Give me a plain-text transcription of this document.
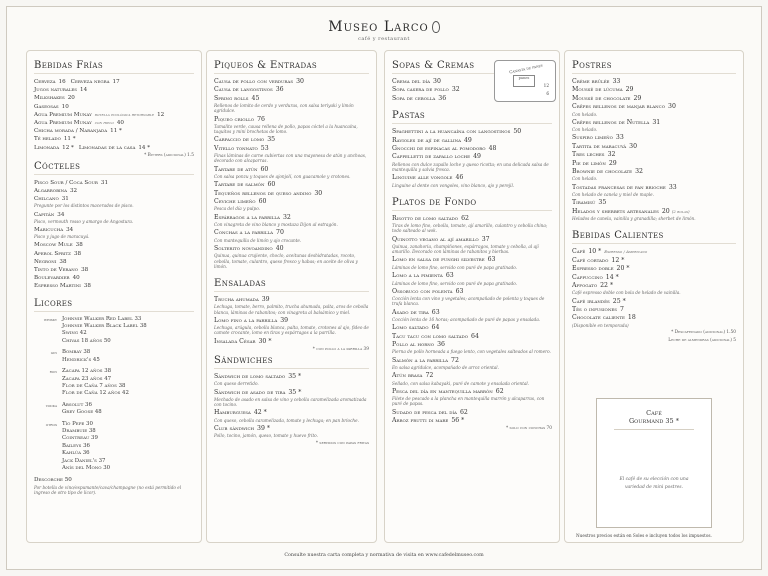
Museo Larco
café y restaurant
Bebidas Frías
Cerveza 16 Cerveza negra 17
Jugos naturales 14
Milkshakes 20
Gaseosas 10
Agua Premium Munay botella ecológica retornable 12
Agua Premium Munay con hielo 40
Chicha morada / Naranjada 11 *
Té helado 11 *
Limonada 12 * Limonadas de la casa 14 *
* Bitters (adicional) 1.5
Cócteles
Pisco Sour / Coca Sour 31
Algarrobina 32
Chilcano 31
Pregunte por los distintos macerados de pisco.
Capitán 34
Pisco, vermouth rosso y amargo de Angostura.
Maricucha 34
Pisco y jugo de maracuyá.
Moscow Mule 38
Aperol Spritz 38
Negroni 38
Tinto de Verano 38
Boulevardier 40
Espresso Martini 38
Licores
whisky Johnnie Walker Red Label 33
Johnnie Walker Black Label 38
Swing 42
Chivas 18 años 50
gin Bombay 38
Hendrick's 45
ron Zacapa 12 años 38
Zacapa 23 años 47
Flor de Caña 7 años 38
Flor de Caña 12 años 42
vodka Absolut 36
Grey Goose 48
otros Tío Pepe 30
Drambuie 38
Cointreau 39
Baileys 36
Kahlúa 36
Jack Daniel's 37
Anís del Mono 30
Descorche 50
Por botella de vino/espumante/cava/champagne (no está permitido el ingreso de otro tipo de licor).
Piqueos & Entradas
Causa de pollo con verduras 30
Causa de langostinos 36
Spring rolls 45
Rellenos de lomito de cerdo y verduras, con salsa teriyaki y limón agridulce.
Piqueo criollo 76
Tamalito verde, causa rellena de pollo, papas cóctel a la huancaína, taquitos y mini brochetas de lomo.
Carpaccio de lomo 35
Vitello tonnato 53
Finas láminas de carne cubiertas con una mayonesa de atún y anchoas, decorado con alcaparras.
Tartare de atún 60
Con salsa ponzu y toques de ajonjolí, con guacamole y crotones.
Tartare de salmón 60
Tequeños rellenos de queso andino 30
Ceviche limeño 60
Pesca del día y pulpo.
Espárragos a la parrilla 32
Con vinagreta de vino blanco y mostaza Dijon al estragón.
Conchas a la parrilla 70
Con mantequilla de limón y ajo crocante.
Solterito novoandino 40
Quinua, quinua crujiente, choclo, aceitunas deshidratadas, rocoto, cebolla, tomate, culantro, queso fresco y habas; en aceite de oliva y limón.
Ensaladas
Trucha ahumada 39
Lechuga, tomate, berro, palmito, trucha ahumada, palta, aros de cebolla blanca, láminas de rabanitos; con vinagreta al balsámico y miel.
Lomo fino a la parrilla 39
Lechuga, arúgula, cebolla blanca, palta, tomate, crotones al ajo, fideo de camote crocante, lomo en tiras y espárragos a la parrilla.
Insalada César 30 *
* con pollo a la parrilla 39
Sándwiches
Sándwich de lomo saltado 35 *
Con queso derretido.
Sándwich de asado de tira 35 *
Mechado de asado en salsa de vino y cebolla caramelizada aromatizada con tocino.
Hamburguesa 42 *
Con queso, cebolla caramelizada, tomate y lechuga; en pan brioche.
Club sándwich 39 *
Pollo, tocino, jamón, queso, tomate y huevo frito.
* servidos con papas fritas
Sopas & Cremas
Crema del día 30
Sopa casera de pollo 32
Sopa de cebolla 36
Pastas
Spaghettini a la huancaína con langostinos 50
Ravioles de ají de gallina 49
Gnocchi de espinacas al pomodoro 48
Cappelletti de zapallo loche 49
Rellenos con dulce zapallo loche y queso ricotta; en una delicada salsa de mantequilla y salvia fresca.
Linguine alle vongole 46
Linguine al dente con vongoles, vino blanco, ajo y perejil.
Platos de Fondo
Risotto de lomo saltado 62
Tiras de lomo fino, cebolla, tomate, ají amarillo, culantro y cebolla china; todo salteado al wok.
Quinotto vegano al ají amarillo 37
Quinua, zanahoria, champiñones, espárragos, tomate y cebolla, al ají amarillo. Decorado con láminas de rabanitos y hierbas.
Lomo en salsa de funghi silvestre 63
Láminas de lomo fino, servido con puré de papa gratinado.
Lomo a la pimienta 63
Láminas de lomo fino, servido con puré de papa gratinado.
Ossobuco con polenta 63
Cocción lenta con vino y vegetales; acompañado de polenta y toques de trufa blanca.
Asado de tira 63
Cocción lenta de 16 horas; acompañado de puré de papas y ensalada.
Lomo saltado 64
Tacu tacu con lomo saltado 64
Pollo al horno 36
Pierna de pollo horneada a fuego lento, con vegetales salteados al romero.
Salmón a la parrilla 72
En salsa agridulce, acompañado de arroz oriental.
Atún brasa 72
Sellado, con salsa kabayaki, puré de camote y ensalada oriental.
Pesca del día en mantequilla marrón 62
Filete de pescado a la plancha en mantequilla marrón y alcaparras, con puré de papas.
Sudado de pesca del día 62
Arroz frutti di mare 56 *
* solo con conchas 70
Postres
Crème brûlée 33
Moussé de lúcuma 29
Moussé de chocolate 29
Crêpes rellenos de manjar blanco 30
Con helado.
Crêpes rellenos de Nutella 31
Con helado.
Suspiro limeño 33
Tartita de maracuyá 30
Tres leches 32
Pie de limón 29
Brownie de chocolate 32
Con helado.
Tostadas francesas de pan brioche 33
Con helado de canela y miel de maple.
Tiramisú 35
Helados y sherbets artesanales 20 (2 bolas)
Helados de canela, vainilla y granadilla; sherbet de limón.
Bebidas Calientes
Café 10 * Espresso / Americano
Café cortado 12 *
Espresso doble 20 *
Cappuccino 14 *
Affogato 22 *
Café espresso doble con bola de helado de vainilla.
Café irlandés 25 *
Tés o infusiones 7
Chocolate caliente 18
(Disponible en temporada)
* Descafeinado (adicional) 1.50
Leche de almendras (adicional) 5
Canasta de panes
panes
12
6
Café
Gourmand 35 *
El café de su elección con una variedad de mini postres.
Nuestros precios están en Soles e incluyen todos los impuestos.
Consulte nuestra carta completa y normativa de visita en www.cafedelmuseo.com
